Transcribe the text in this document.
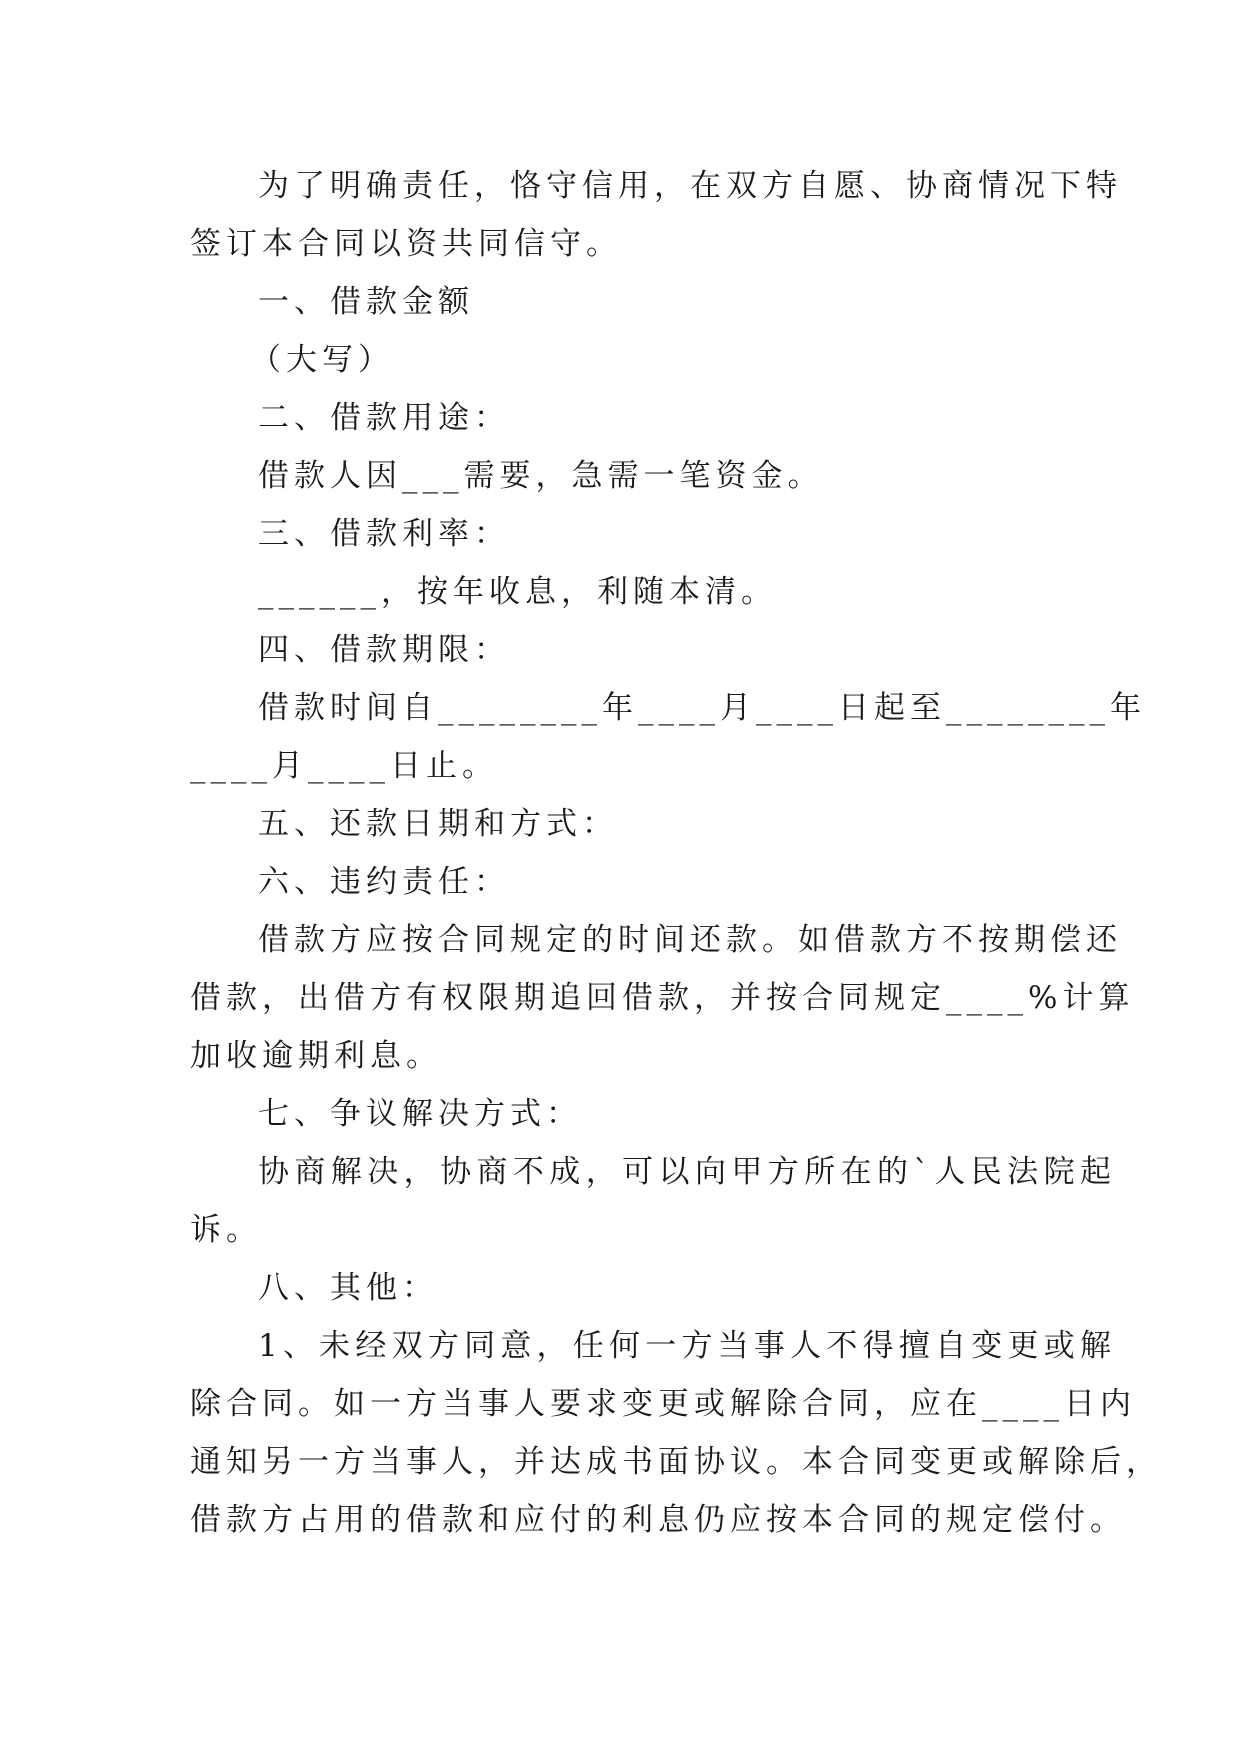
为了明确责任，恪守信用，在双方自愿、协商情况下特
签订本合同以资共同信守。
一、借款金额
（大写）
二、借款用途：
借款人因___需要，急需一笔资金。
三、借款利率：
______，按年收息，利随本清。
四、借款期限：
借款时间自________年____月____日起至________年
____月____日止。
五、还款日期和方式：
六、违约责任：
借款方应按合同规定的时间还款。如借款方不按期偿还
借款，出借方有权限期追回借款，并按合同规定____%计算
加收逾期利息。
七、争议解决方式：
协商解决，协商不成，可以向甲方所在的`人民法院起
诉。
八、其他：
1、未经双方同意，任何一方当事人不得擅自变更或解
除合同。如一方当事人要求变更或解除合同，应在____日内
通知另一方当事人，并达成书面协议。本合同变更或解除后，
借款方占用的借款和应付的利息仍应按本合同的规定偿付。
